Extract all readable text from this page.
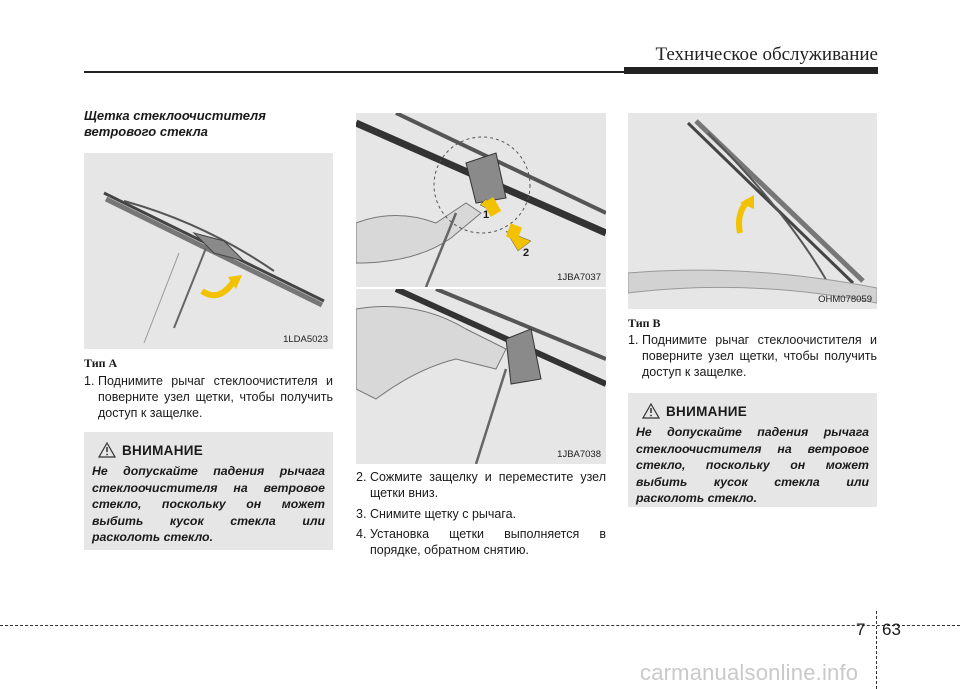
Техническое обслуживание
Щетка стеклоочистителя
ветрового стекла
1LDA5023
Тип А
1. Поднимите рычаг стеклоочистителя и поверните узел щетки, чтобы получить доступ к защелке.
ВНИМАНИЕ
Не допускайте падения рычага стеклоочистителя на ветровое стекло, поскольку он может выбить кусок стекла или расколоть стекло.
1
2
1JBA7037
1JBA7038
2. Сожмите защелку и переместите узел щетки вниз.
3. Снимите щетку с рычага.
4. Установка щетки выполняется в порядке, обратном снятию.
OHM078059
Тип В
1. Поднимите рычаг стеклоочистителя и поверните узел щетки, чтобы получить доступ к защелке.
ВНИМАНИЕ
Не допускайте падения рычага стеклоочистителя на ветровое стекло, поскольку он может выбить кусок стекла или расколоть стекло.
7 63
carmanualsonline.info
